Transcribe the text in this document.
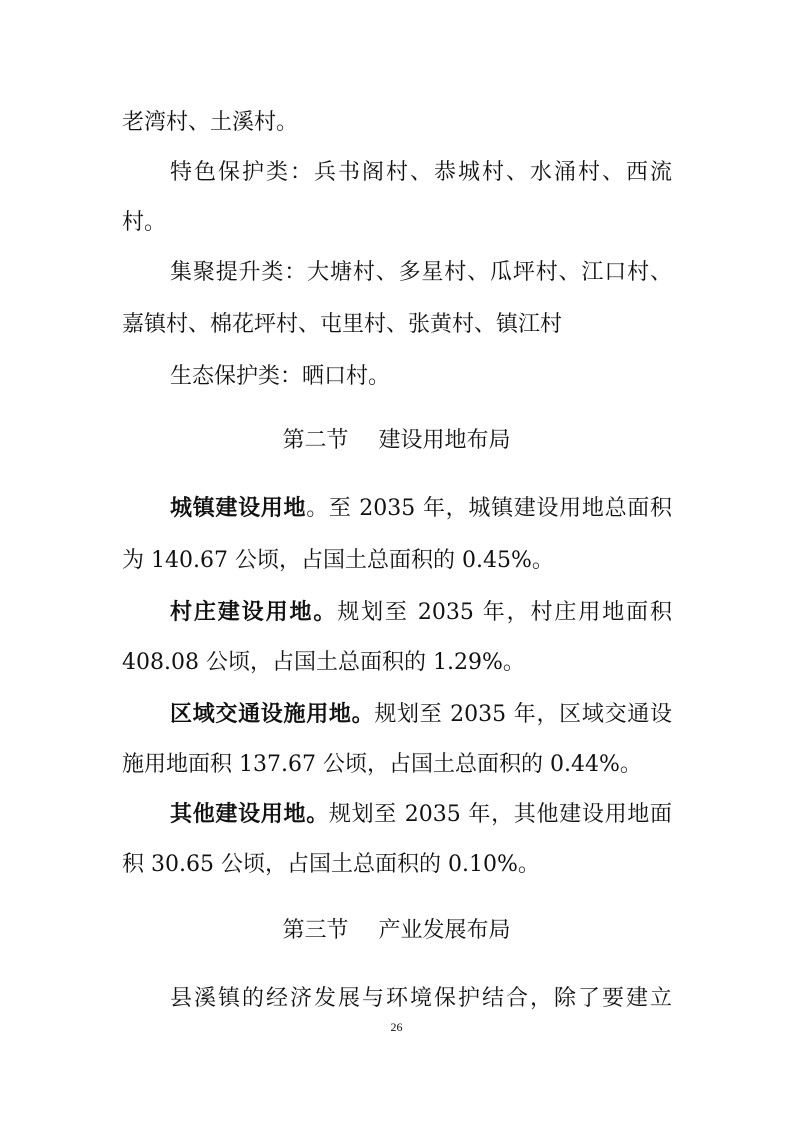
老湾村、土溪村。
特色保护类：兵书阁村、恭城村、水涌村、西流
村。
集聚提升类：大塘村、多星村、瓜坪村、江口村、
嘉镇村、棉花坪村、屯里村、张黄村、镇江村
生态保护类：晒口村。
第二节 建设用地布局
城镇建设用地。至 2035 年，城镇建设用地总面积
为 140.67 公顷，占国土总面积的 0.45%。
村庄建设用地。规划至 2035 年，村庄用地面积
408.08 公顷，占国土总面积的 1.29%。
区域交通设施用地。规划至 2035 年，区域交通设
施用地面积 137.67 公顷，占国土总面积的 0.44%。
其他建设用地。规划至 2035 年，其他建设用地面
积 30.65 公顷，占国土总面积的 0.10%。
第三节 产业发展布局
县溪镇的经济发展与环境保护结合，除了要建立
26
